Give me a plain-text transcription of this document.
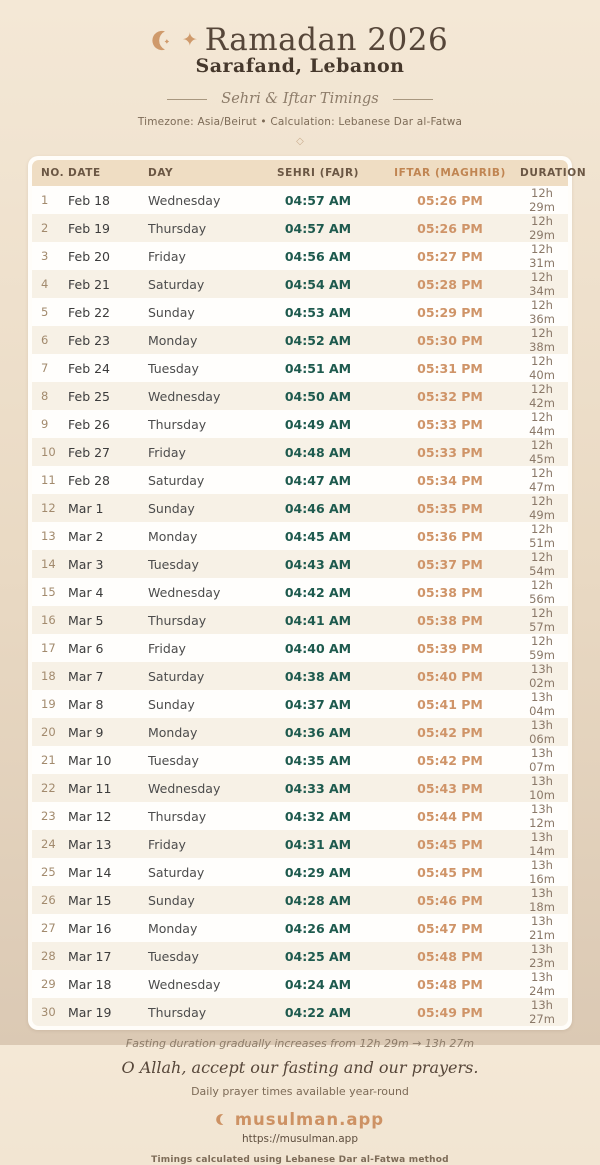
✦ Ramadan 2026
Sarafand, Lebanon
Sehri & Iftar Timings
Timezone: Asia/Beirut • Calculation: Lebanese Dar al-Fatwa
◇
NO.	DATE	DAY	SEHRI (FAJR)	IFTAR (MAGHRIB)	DURATION
1	Feb 18	Wednesday	04:57 AM	05:26 PM	12h 29m
2	Feb 19	Thursday	04:57 AM	05:26 PM	12h 29m
3	Feb 20	Friday	04:56 AM	05:27 PM	12h 31m
4	Feb 21	Saturday	04:54 AM	05:28 PM	12h 34m
5	Feb 22	Sunday	04:53 AM	05:29 PM	12h 36m
6	Feb 23	Monday	04:52 AM	05:30 PM	12h 38m
7	Feb 24	Tuesday	04:51 AM	05:31 PM	12h 40m
8	Feb 25	Wednesday	04:50 AM	05:32 PM	12h 42m
9	Feb 26	Thursday	04:49 AM	05:33 PM	12h 44m
10	Feb 27	Friday	04:48 AM	05:33 PM	12h 45m
11	Feb 28	Saturday	04:47 AM	05:34 PM	12h 47m
12	Mar 1	Sunday	04:46 AM	05:35 PM	12h 49m
13	Mar 2	Monday	04:45 AM	05:36 PM	12h 51m
14	Mar 3	Tuesday	04:43 AM	05:37 PM	12h 54m
15	Mar 4	Wednesday	04:42 AM	05:38 PM	12h 56m
16	Mar 5	Thursday	04:41 AM	05:38 PM	12h 57m
17	Mar 6	Friday	04:40 AM	05:39 PM	12h 59m
18	Mar 7	Saturday	04:38 AM	05:40 PM	13h 02m
19	Mar 8	Sunday	04:37 AM	05:41 PM	13h 04m
20	Mar 9	Monday	04:36 AM	05:42 PM	13h 06m
21	Mar 10	Tuesday	04:35 AM	05:42 PM	13h 07m
22	Mar 11	Wednesday	04:33 AM	05:43 PM	13h 10m
23	Mar 12	Thursday	04:32 AM	05:44 PM	13h 12m
24	Mar 13	Friday	04:31 AM	05:45 PM	13h 14m
25	Mar 14	Saturday	04:29 AM	05:45 PM	13h 16m
26	Mar 15	Sunday	04:28 AM	05:46 PM	13h 18m
27	Mar 16	Monday	04:26 AM	05:47 PM	13h 21m
28	Mar 17	Tuesday	04:25 AM	05:48 PM	13h 23m
29	Mar 18	Wednesday	04:24 AM	05:48 PM	13h 24m
30	Mar 19	Thursday	04:22 AM	05:49 PM	13h 27m
Fasting duration gradually increases from 12h 29m → 13h 27m
O Allah, accept our fasting and our prayers.
Daily prayer times available year-round
musulman.app
https://musulman.app
Timings calculated using Lebanese Dar al-Fatwa method
